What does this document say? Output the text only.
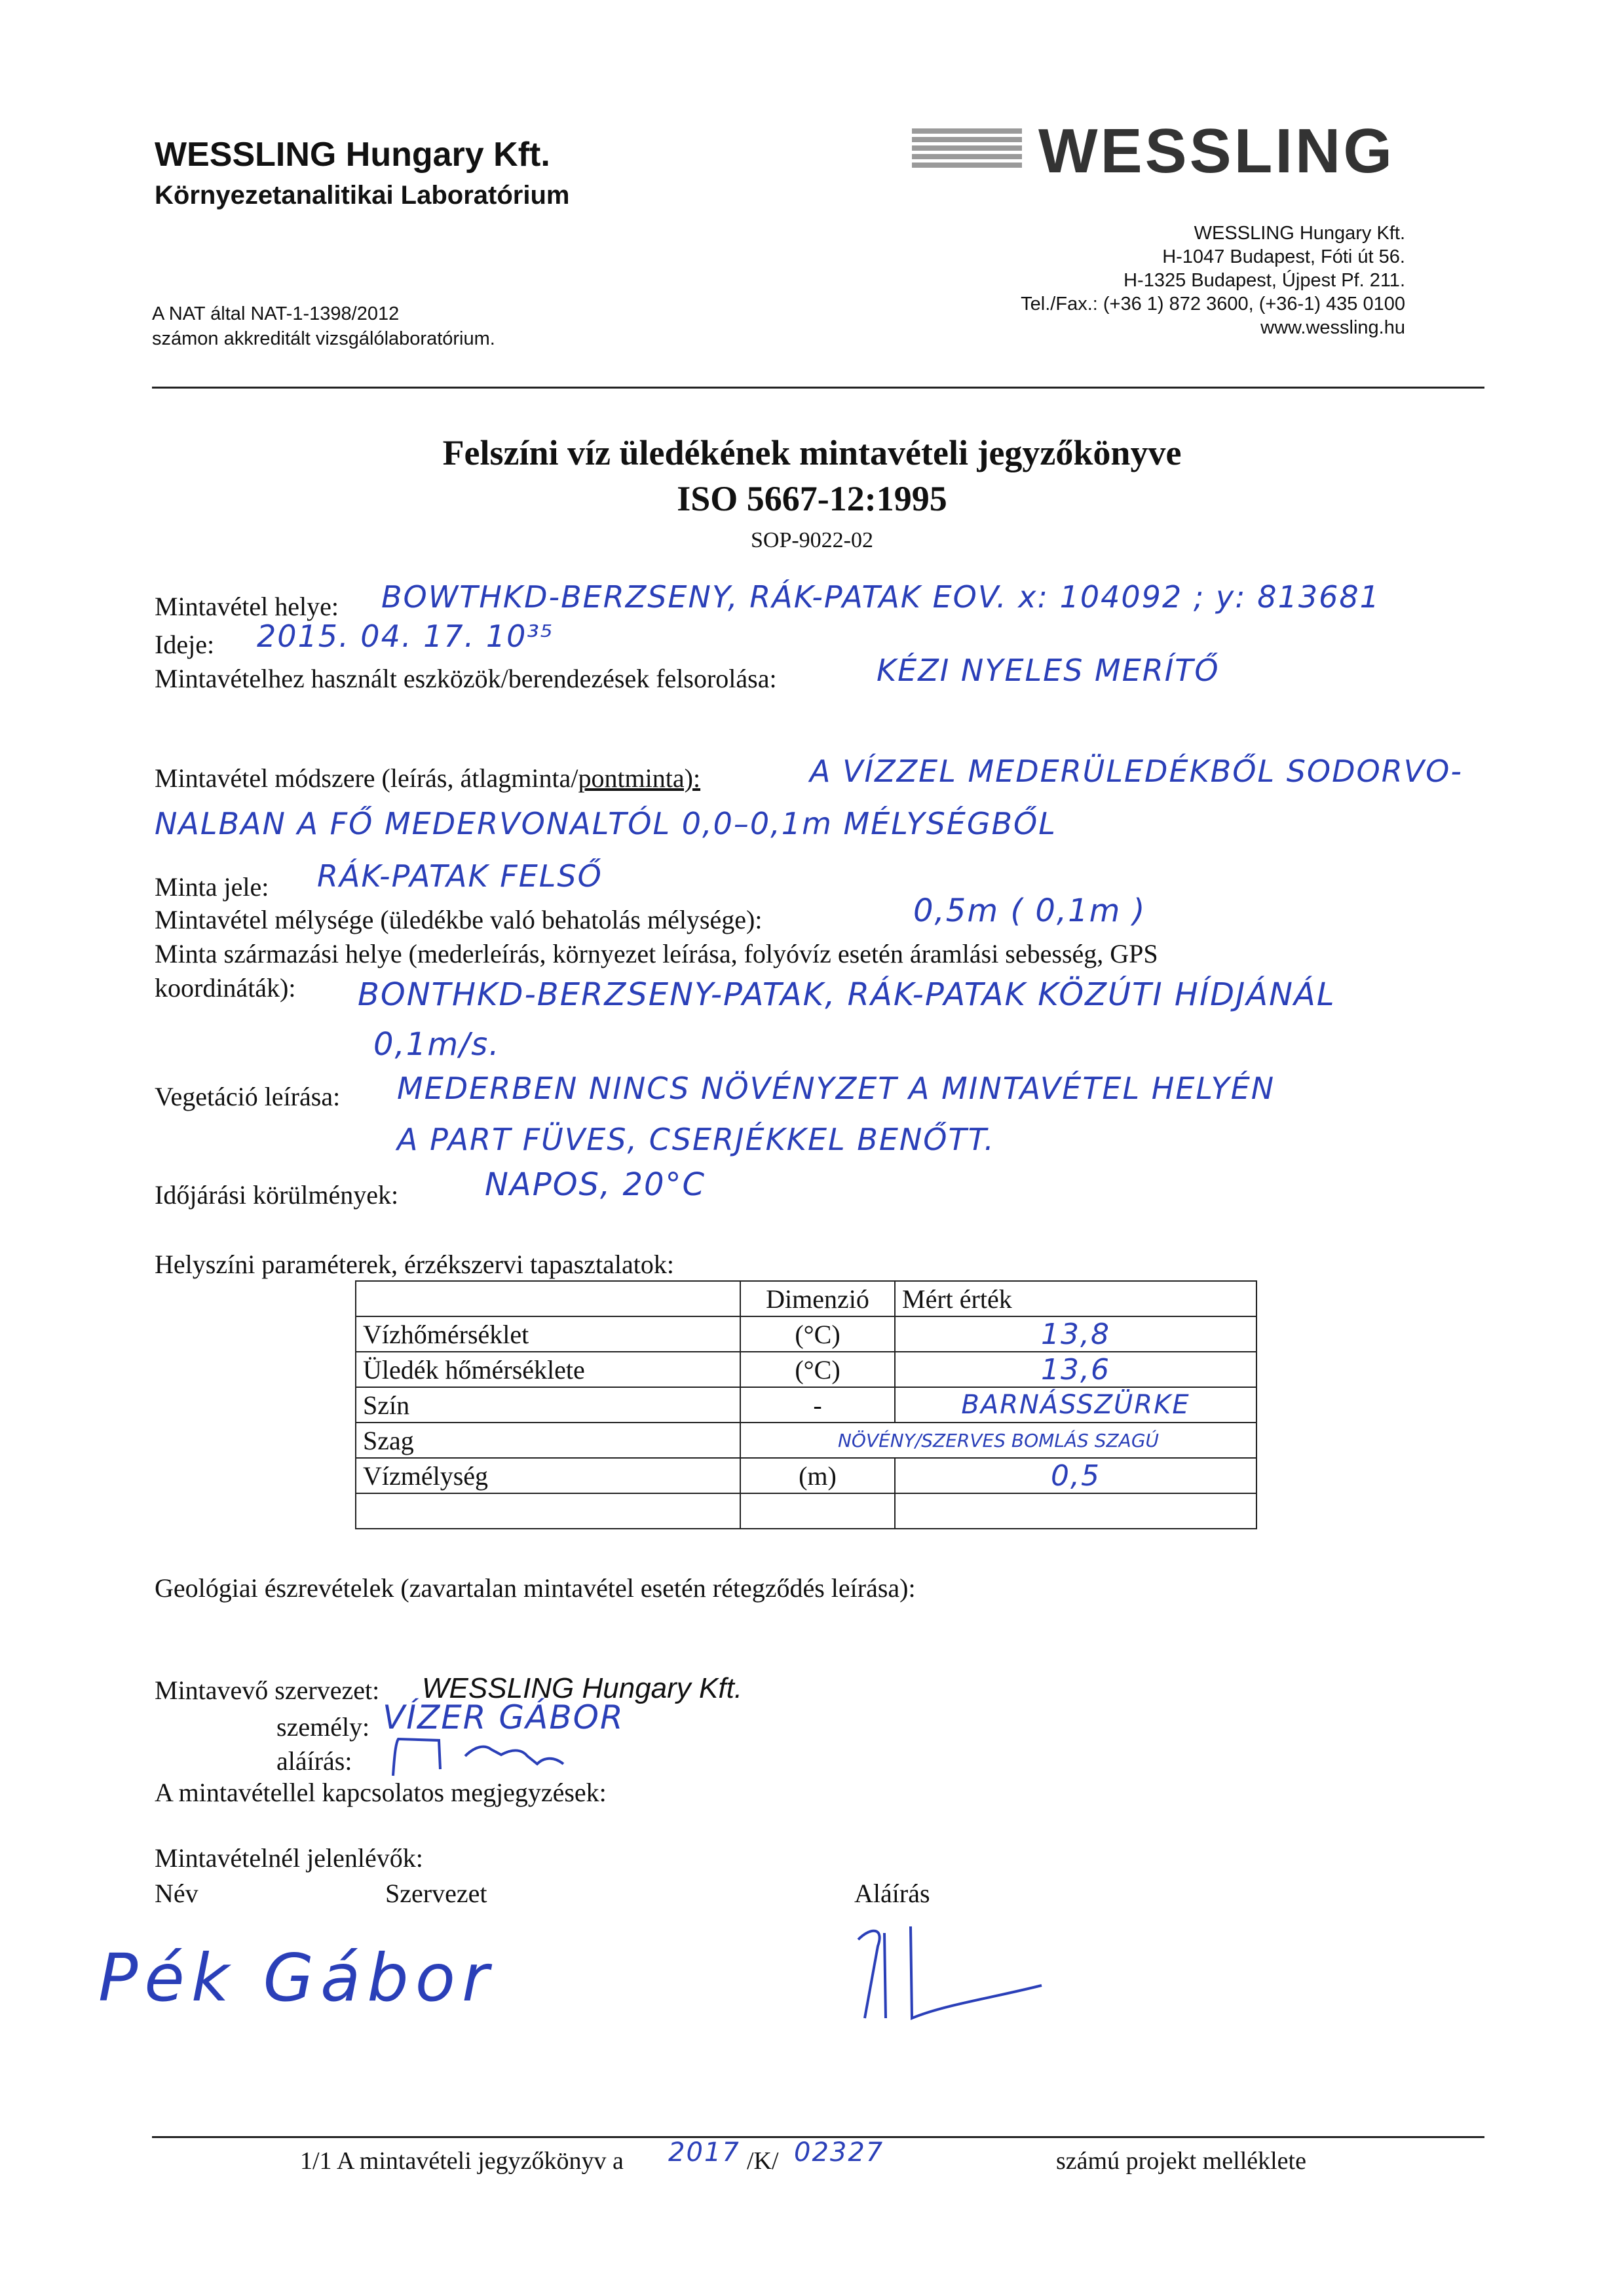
WESSLING Hungary Kft.
Környezetanalitikai Laboratórium
A NAT által NAT-1-1398/2012
számon akkreditált vizsgálólaboratórium.
WESSLING
WESSLING Hungary Kft.
H-1047 Budapest, Fóti út 56.
H-1325 Budapest, Újpest Pf. 211.
Tel./Fax.: (+36 1) 872 3600, (+36-1) 435 0100
www.wessling.hu
Felszíni víz üledékének mintavételi jegyzőkönyve
ISO 5667-12:1995
SOP-9022-02
Mintavétel helye: BOWTHKD-BERZSENY, RÁK-PATAK EOV. x: 104092 ; y: 813681
Ideje: 2015. 04. 17. 10³⁵
Mintavételhez használt eszközök/berendezések felsorolása:	KÉZI NYELES MERÍTŐ
Mintavétel módszere (leírás, átlagminta/pontminta):	A VÍZZEL MEDERÜLEDÉKBŐL SODORVO-
NALBAN A FŐ MEDERVONALTÓL 0,0–0,1m MÉLYSÉGBŐL
Minta jele: RÁK-PATAK FELSŐ
Mintavétel mélysége (üledékbe való behatolás mélysége):	0,5m ( 0,1m )
Minta származási helye (mederleírás, környezet leírása, folyóvíz esetén áramlási sebesség, GPS
koordináták): BONTHKD-BERZSENY-PATAK, RÁK-PATAK KÖZÚTI HÍDJÁNÁL
0,1m/s.
Vegetáció leírása: MEDERBEN NINCS NÖVÉNYZET A MINTAVÉTEL HELYÉN
A PART FÜVES, CSERJÉKKEL BENŐTT.
Időjárási körülmények:	NAPOS, 20°C
Helyszíni paraméterek, érzékszervi tapasztalatok:
	Dimenzió	Mért érték
Vízhőmérséklet	(°C)	13,8
Üledék hőmérséklete	(°C)	13,6
Szín	-	BARNÁSSZÜRKE
Szag	NÖVÉNY/SZERVES BOMLÁS SZAGÚ	
Vízmélység	(m)	0,5

Geológiai észrevételek (zavartalan mintavétel esetén rétegződés leírása):
Mintavevő szervezet: WESSLING Hungary Kft.
személy: VÍZER GÁBOR
aláírás:
A mintavétellel kapcsolatos megjegyzések:
Mintavételnél jelenlévők:
Név	Szervezet	Aláírás
Pék Gábor
1/1 A mintavételi jegyzőkönyv a 2017 /K/ 02327	számú projekt melléklete
